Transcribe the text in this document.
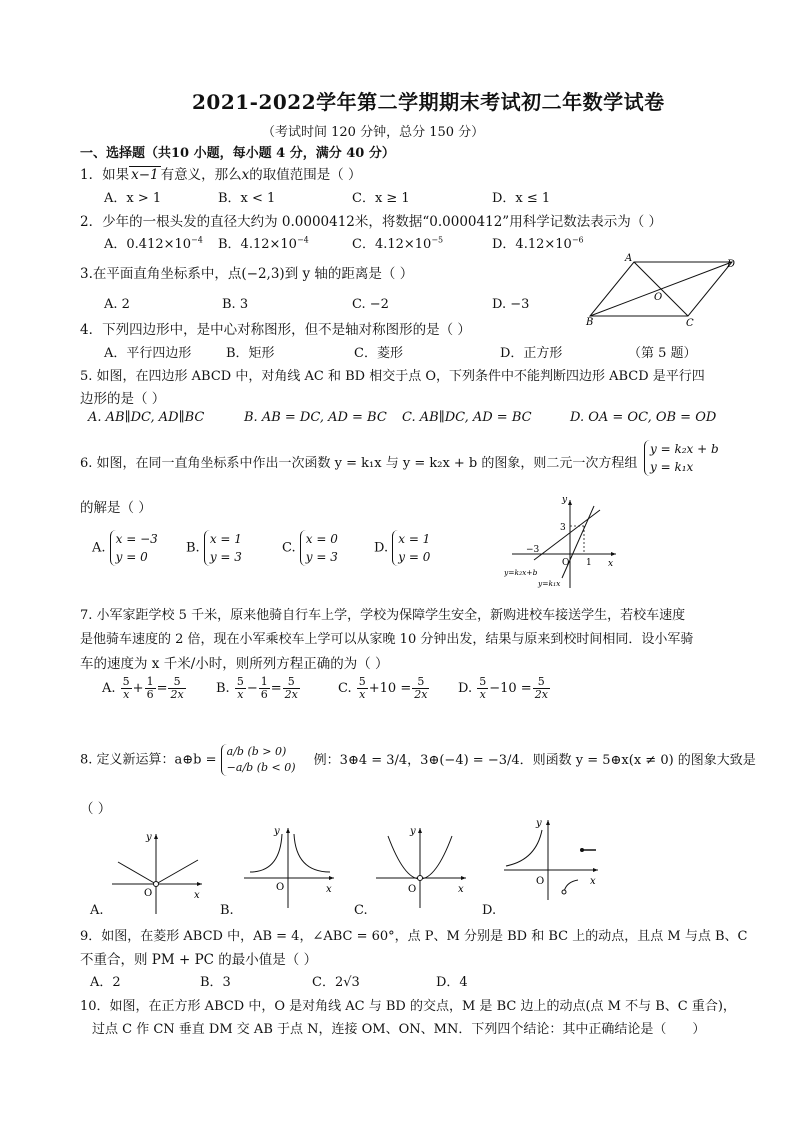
2021-2022学年第二学期期末考试初二年数学试卷
（考试时间 120 分钟，总分 150 分）
一、选择题（共10 小题，每小题 4 分，满分 40 分）
1．如果 x−1 有意义，那么x的取值范围是（ ）
A．x > 1	B．x < 1	C．x ≥ 1	D．x ≤ 1
2．少年的一根头发的直径大约为 0.0000412米，将数据“0.0000412”用科学记数法表示为（ ）
A．$0.412\times 10^{-4}$ B．$4.12\times 10^{-4}$	C．$4.12\times 10^{-5}$	D．$4.12\times 10^{-6}$
3.在平面直角坐标系中，点(−2,3)到 y 轴的距离是（ ）
A. 2	B. 3	C. −2	D. −3
A
D
B	C
O
4．下列四边形中，是中心对称图形，但不是轴对称图形的是（ ）
A．平行四边形	B．矩形	C．菱形	D．正方形	（第 5 题）
5. 如图，在四边形 ABCD 中，对角线 AC 和 BD 相交于点 O，下列条件中不能判断四边形 ABCD 是平行四
边形的是（ ）
A. AB∥DC, AD∥BC	B. AB = DC, AD = BC C. AB∥DC, AD = BC	D. OA = OC, OB = OD
6. 如图，在同一直角坐标系中作出一次函数 y = k₁x 与 y = k₂x + b 的图象，则二元一次方程组
y = k₂x + b
y = k₁x
的解是（ ）
A.
x = −3
y = 0
B.
x = 1
y = 3
C.
x = 0
y = 3
D.
x = 1
y = 0
y
x
O
3
−3
1
y=k₂x+b
y=k₁x
7. 小军家距学校 5 千米，原来他骑自行车上学，学校为保障学生安全，新购进校车接送学生，若校车速度
是他骑车速度的 2 倍，现在小军乘校车上学可以从家晚 10 分钟出发，结果与原来到校时间相同．设小军骑
车的速度为 x 千米/小时，则所列方程正确的为（ ）
A. $\frac{5}{x} + \frac{1}{6} = \frac{5}{2x} B$. $\frac{5}{x} - \frac{1}{6} = \frac{5}{2x}$	C. $\frac{5}{x} +10 = \frac{5}{2x} D$. $\frac{5}{x} -10 = \frac{5}{2x}$
8. 定义新运算：a⊕b =
a/b (b > 0)
−a/b (b < 0) 例：3⊕4 = 3/4，3⊕(−4) = −3/4．则函数 y = 5⊕x(x ≠ 0) 的图象大致是
（ ）
y
x
O
A.
y
x
O
B.
y
x
O
C.
y
x
O
D.
9．如图，在菱形 ABCD 中，AB = 4，∠ABC = 60°，点 P、M 分别是 BD 和 BC 上的动点，且点 M 与点 B、C
不重合，则 PM + PC 的最小值是（ ）
A．2	B．3	C．2√3	D．4
10．如图，在正方形 ABCD 中，O 是对角线 AC 与 BD 的交点，M 是 BC 边上的动点(点 M 不与 B、C 重合)，
过点 C 作 CN 垂直 DM 交 AB 于点 N，连接 OM、ON、MN．下列四个结论：其中正确结论是（　　）
